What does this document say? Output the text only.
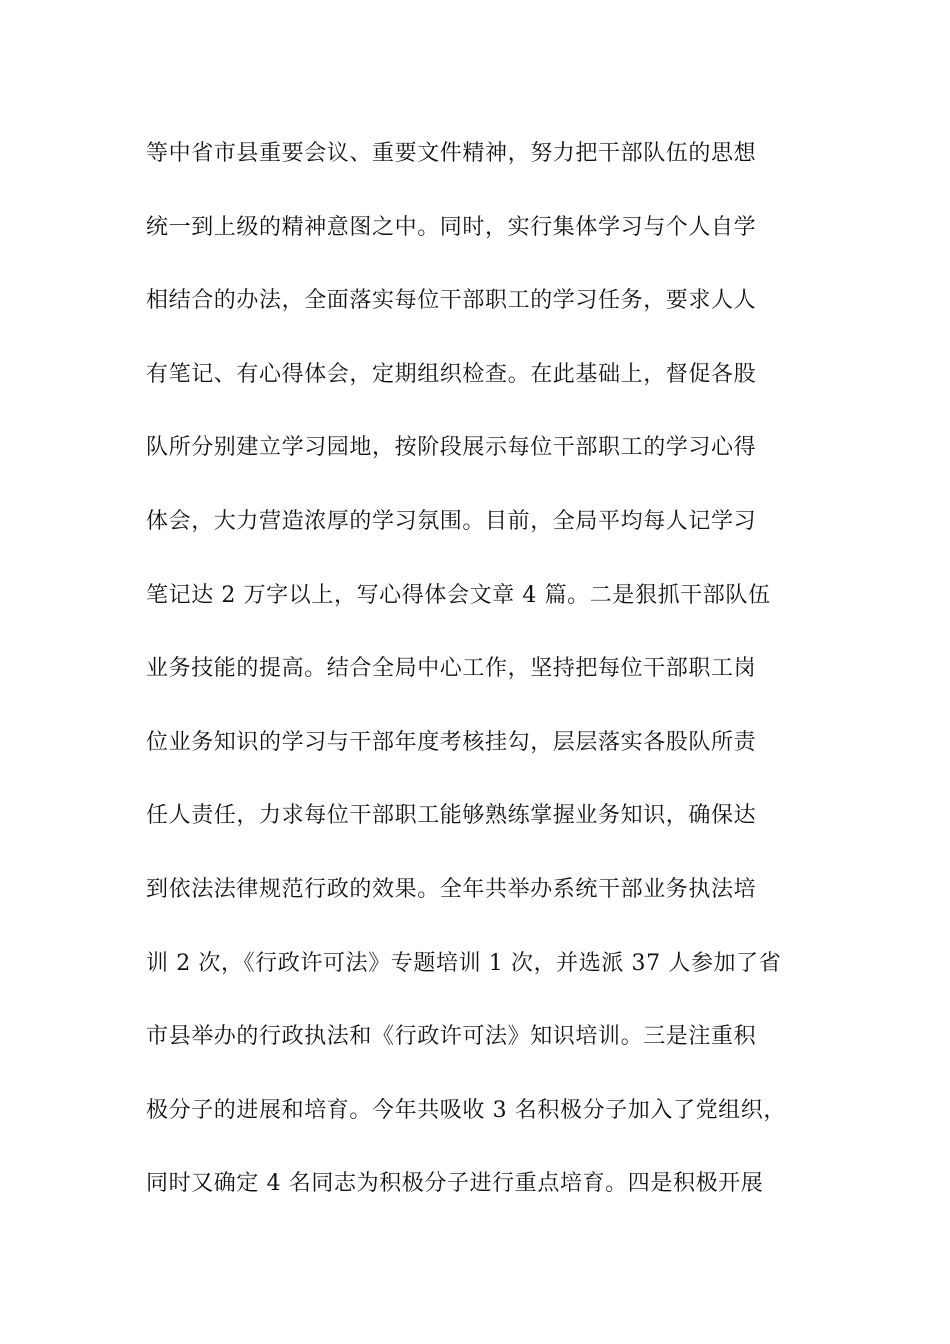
等中省市县重要会议、重要文件精神，努力把干部队伍的思想
统一到上级的精神意图之中。同时，实行集体学习与个人自学
相结合的办法，全面落实每位干部职工的学习任务，要求人人
有笔记、有心得体会，定期组织检查。在此基础上，督促各股
队所分别建立学习园地，按阶段展示每位干部职工的学习心得
体会，大力营造浓厚的学习氛围。目前，全局平均每人记学习
笔记达 2 万字以上，写心得体会文章 4 篇。二是狠抓干部队伍
业务技能的提高。结合全局中心工作，坚持把每位干部职工岗
位业务知识的学习与干部年度考核挂勾，层层落实各股队所责
任人责任，力求每位干部职工能够熟练掌握业务知识，确保达
到依法法律规范行政的效果。全年共举办系统干部业务执法培
训 2 次，《行政许可法》专题培训 1 次，并选派 37 人参加了省
市县举办的行政执法和《行政许可法》知识培训。三是注重积
极分子的进展和培育。今年共吸收 3 名积极分子加入了党组织，
同时又确定 4 名同志为积极分子进行重点培育。四是积极开展
